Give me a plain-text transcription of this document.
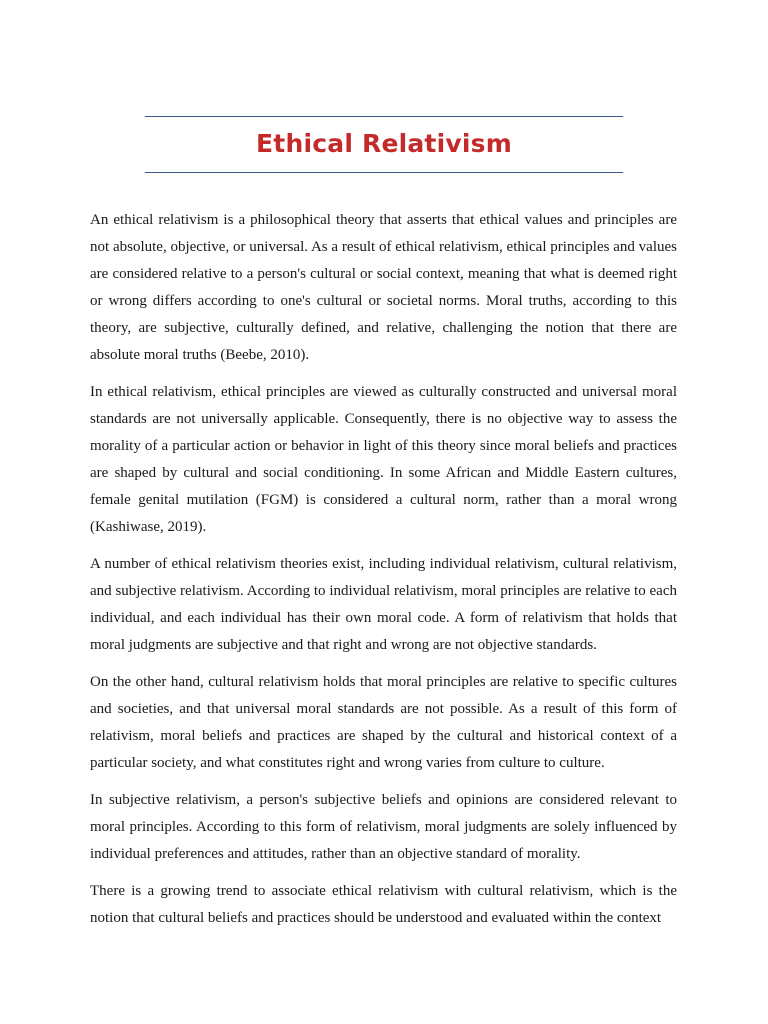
Ethical Relativism

An ethical relativism is a philosophical theory that asserts that ethical values and principles are not absolute, objective, or universal. As a result of ethical relativism, ethical principles and values are considered relative to a person's cultural or social context, meaning that what is deemed right or wrong differs according to one's cultural or societal norms. Moral truths, according to this theory, are subjective, culturally defined, and relative, challenging the notion that there are absolute moral truths (Beebe, 2010).

In ethical relativism, ethical principles are viewed as culturally constructed and universal moral standards are not universally applicable. Consequently, there is no objective way to assess the morality of a particular action or behavior in light of this theory since moral beliefs and practices are shaped by cultural and social conditioning. In some African and Middle Eastern cultures, female genital mutilation (FGM) is considered a cultural norm, rather than a moral wrong (Kashiwase, 2019).

A number of ethical relativism theories exist, including individual relativism, cultural relativism, and subjective relativism. According to individual relativism, moral principles are relative to each individual, and each individual has their own moral code. A form of relativism that holds that moral judgments are subjective and that right and wrong are not objective standards.

On the other hand, cultural relativism holds that moral principles are relative to specific cultures and societies, and that universal moral standards are not possible. As a result of this form of relativism, moral beliefs and practices are shaped by the cultural and historical context of a particular society, and what constitutes right and wrong varies from culture to culture.

In subjective relativism, a person's subjective beliefs and opinions are considered relevant to moral principles. According to this form of relativism, moral judgments are solely influenced by individual preferences and attitudes, rather than an objective standard of morality.

There is a growing trend to associate ethical relativism with cultural relativism, which is the notion that cultural beliefs and practices should be understood and evaluated within the context
